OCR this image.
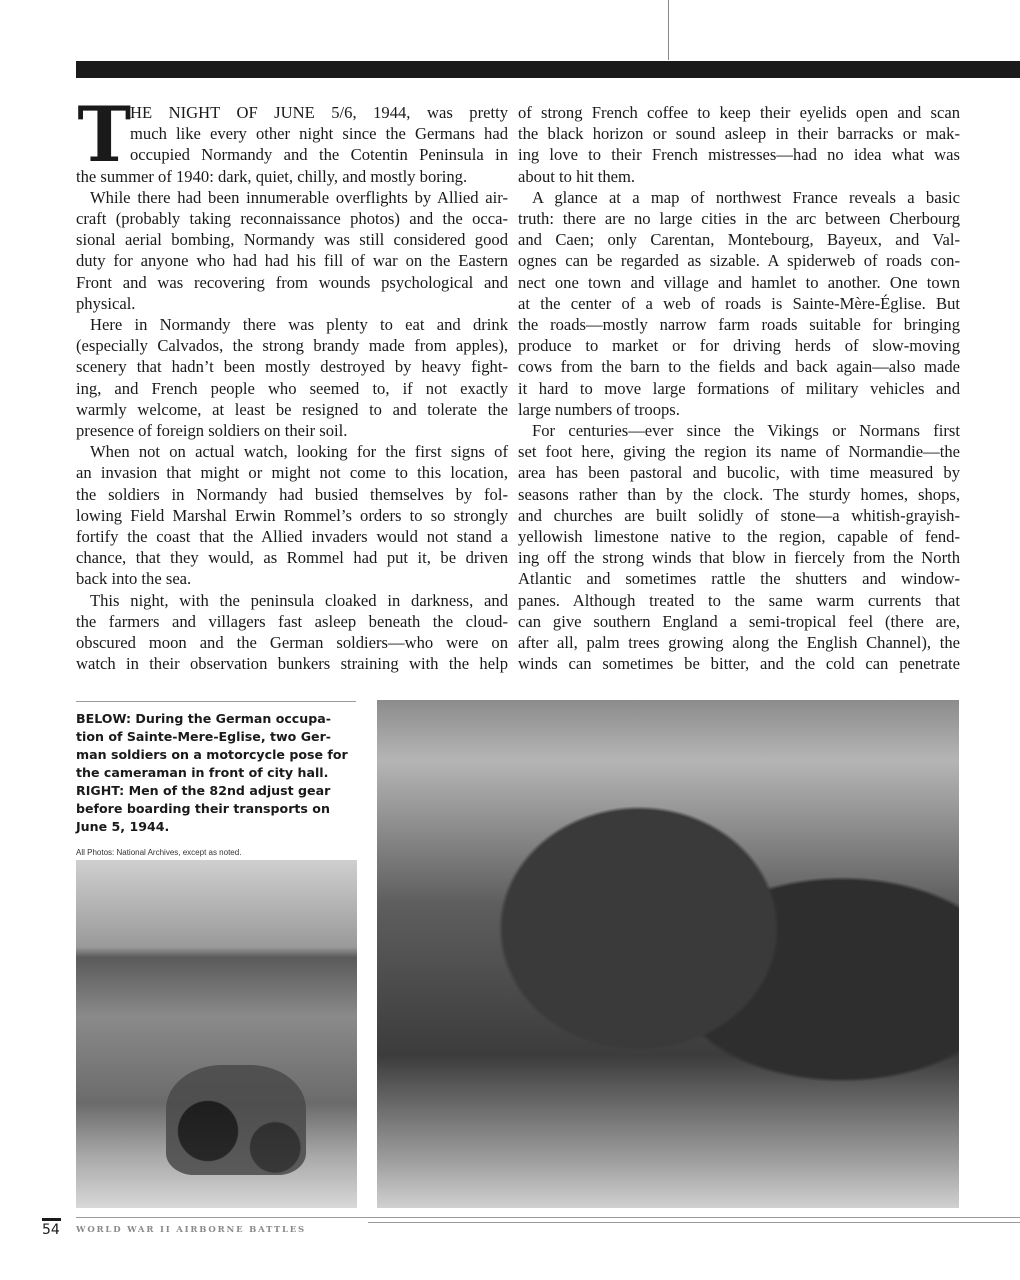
T
HE NIGHT OF JUNE 5/6, 1944, was pretty
much like every other night since the Germans had
occupied Normandy and the Cotentin Peninsula in
the summer of 1940: dark, quiet, chilly, and mostly boring.
While there had been innumerable overflights by Allied air-
craft (probably taking reconnaissance photos) and the occa-
sional aerial bombing, Normandy was still considered good
duty for anyone who had had his fill of war on the Eastern
Front and was recovering from wounds psychological and
physical.
Here in Normandy there was plenty to eat and drink
(especially Calvados, the strong brandy made from apples),
scenery that hadn’t been mostly destroyed by heavy fight-
ing, and French people who seemed to, if not exactly
warmly welcome, at least be resigned to and tolerate the
presence of foreign soldiers on their soil.
When not on actual watch, looking for the first signs of
an invasion that might or might not come to this location,
the soldiers in Normandy had busied themselves by fol-
lowing Field Marshal Erwin Rommel’s orders to so strongly
fortify the coast that the Allied invaders would not stand a
chance, that they would, as Rommel had put it, be driven
back into the sea.
This night, with the peninsula cloaked in darkness, and
the farmers and villagers fast asleep beneath the cloud-
obscured moon and the German soldiers—who were on
watch in their observation bunkers straining with the help
of strong French coffee to keep their eyelids open and scan
the black horizon or sound asleep in their barracks or mak-
ing love to their French mistresses—had no idea what was
about to hit them.
A glance at a map of northwest France reveals a basic
truth: there are no large cities in the arc between Cherbourg
and Caen; only Carentan, Montebourg, Bayeux, and Val-
ognes can be regarded as sizable. A spiderweb of roads con-
nect one town and village and hamlet to another. One town
at the center of a web of roads is Sainte-Mère-Église. But
the roads—mostly narrow farm roads suitable for bringing
produce to market or for driving herds of slow-moving
cows from the barn to the fields and back again—also made
it hard to move large formations of military vehicles and
large numbers of troops.
For centuries—ever since the Vikings or Normans first
set foot here, giving the region its name of Normandie—the
area has been pastoral and bucolic, with time measured by
seasons rather than by the clock. The sturdy homes, shops,
and churches are built solidly of stone—a whitish-grayish-
yellowish limestone native to the region, capable of fend-
ing off the strong winds that blow in fiercely from the North
Atlantic and sometimes rattle the shutters and window-
panes. Although treated to the same warm currents that
can give southern England a semi-tropical feel (there are,
after all, palm trees growing along the English Channel), the
winds can sometimes be bitter, and the cold can penetrate
BELOW: During the German occupa-
tion of Sainte-Mere-Eglise, two Ger-
man soldiers on a motorcycle pose for
the cameraman in front of city hall.
RIGHT: Men of the 82nd adjust gear
before boarding their transports on
June 5, 1944.
All Photos: National Archives, except as noted.
54 WORLD WAR II AIRBORNE BATTLES
